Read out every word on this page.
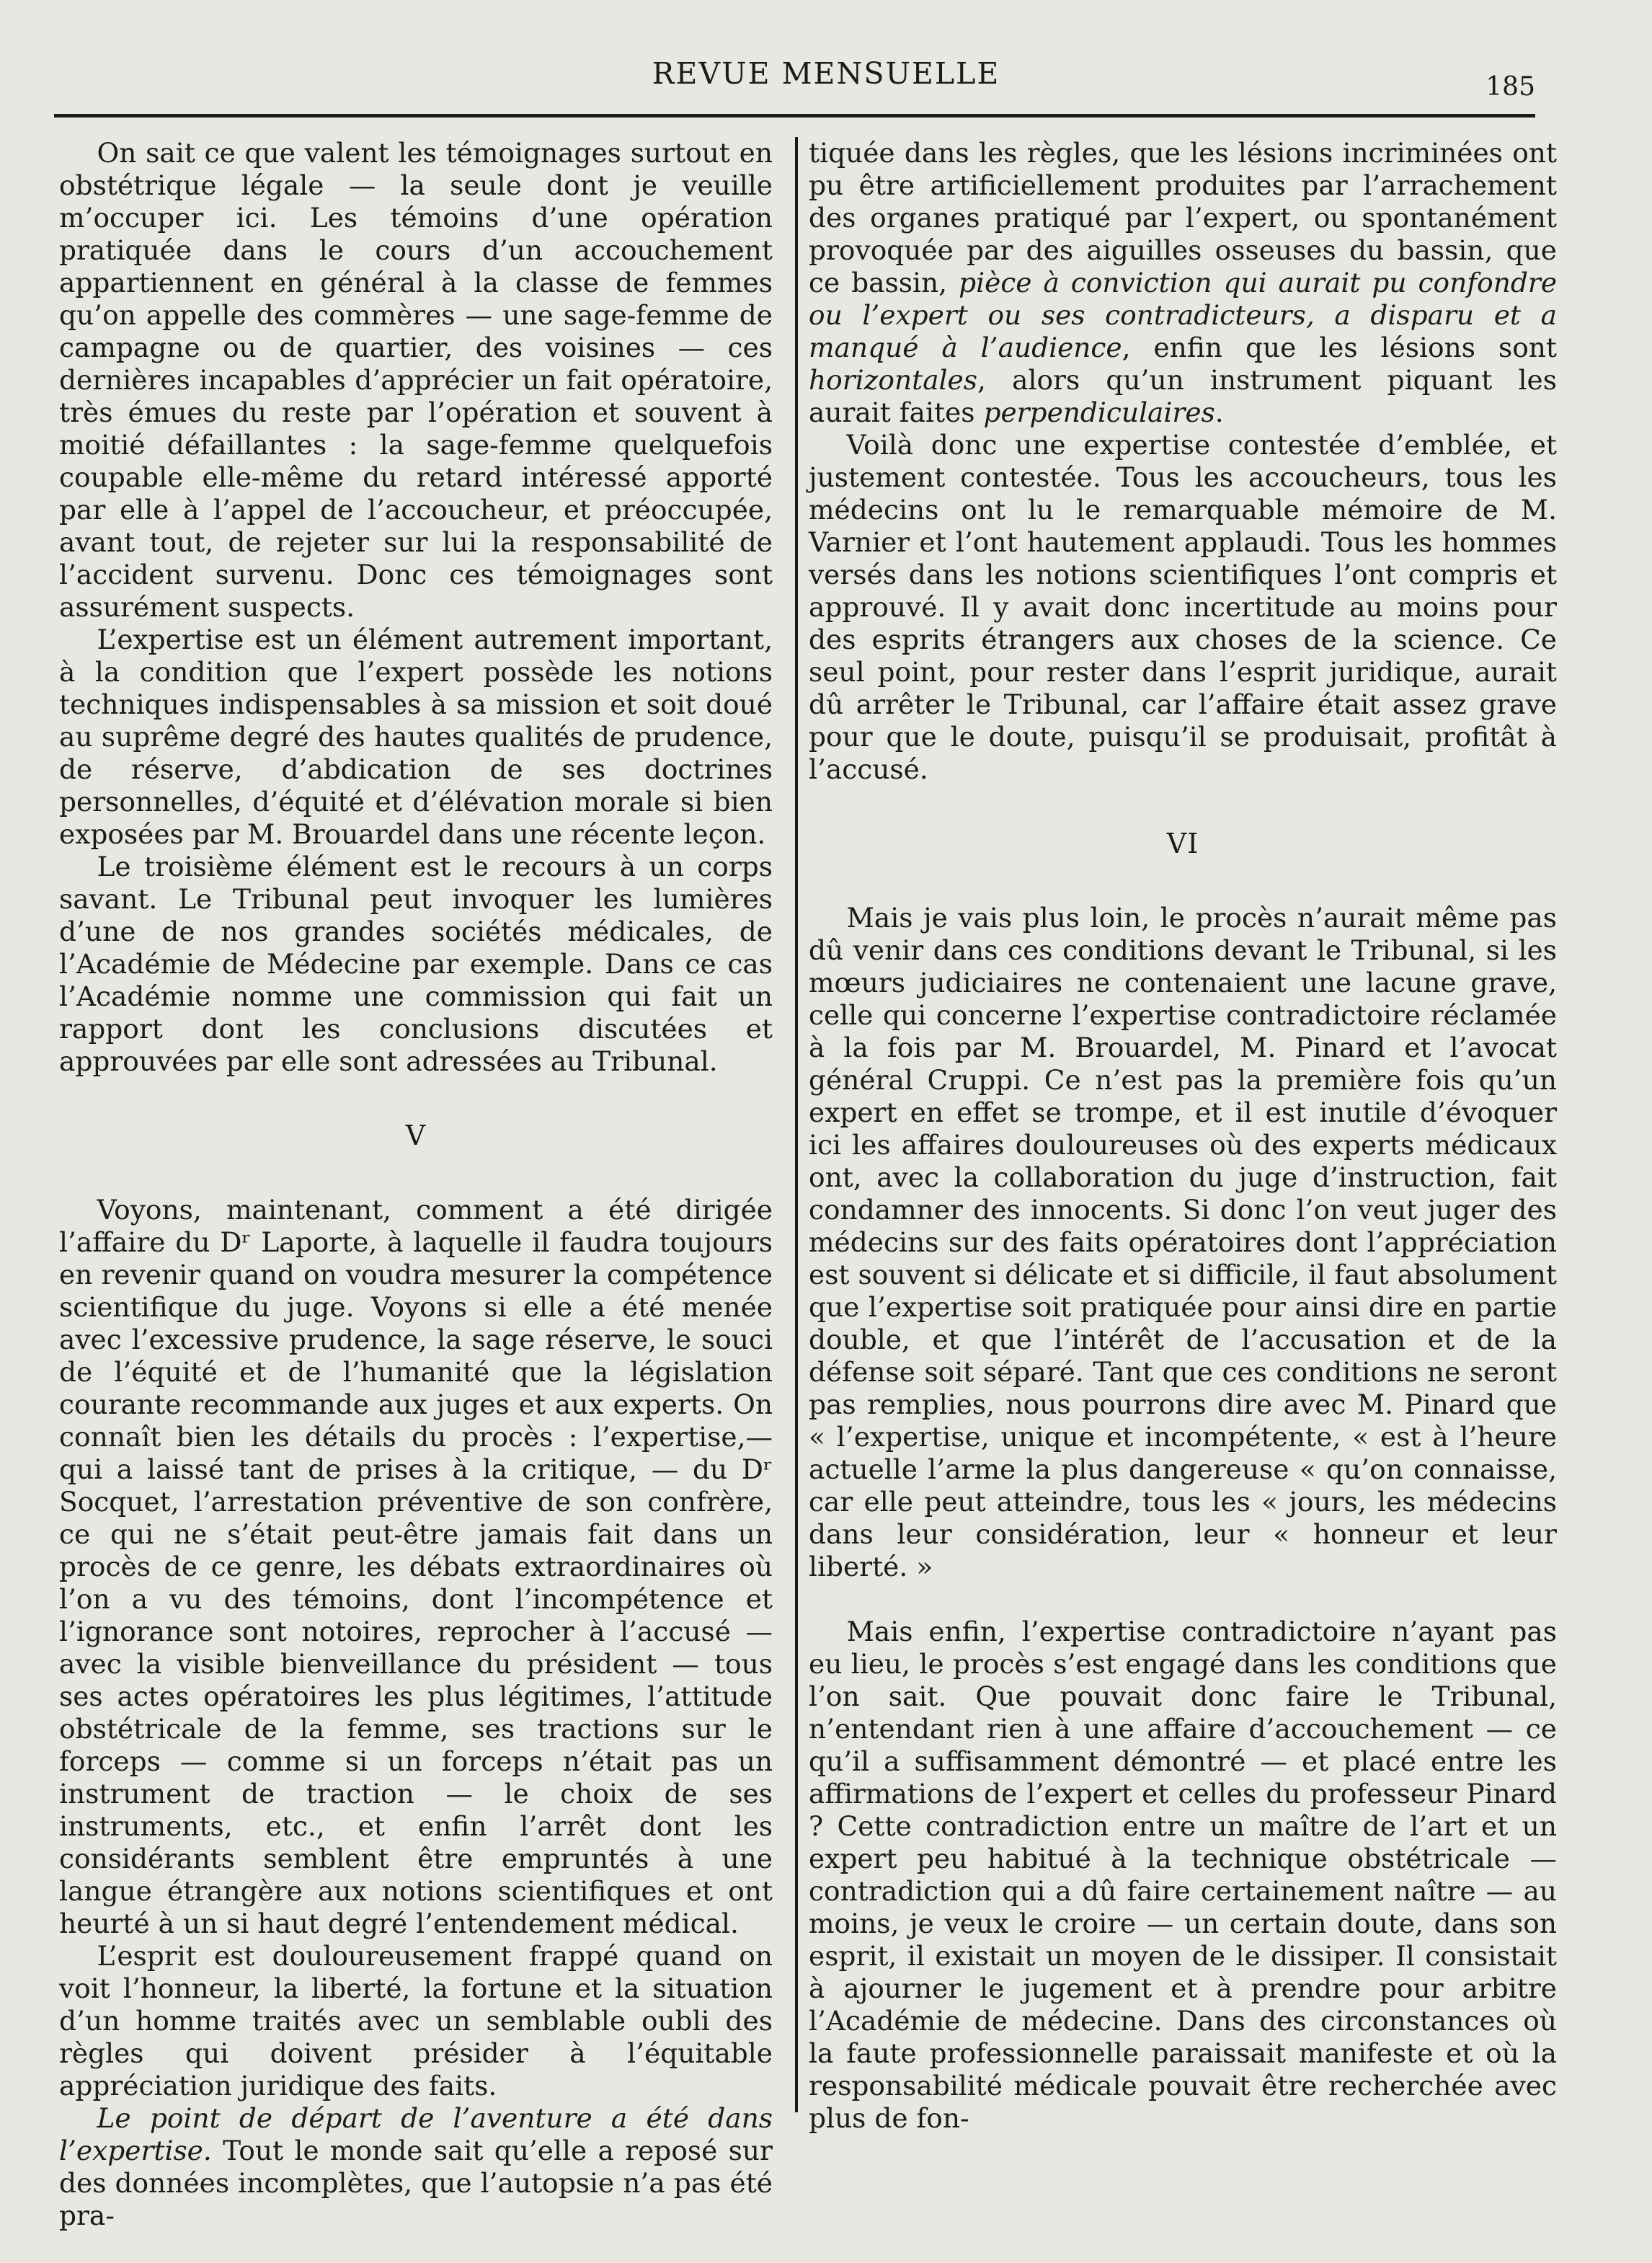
REVUE MENSUELLE	185

On sait ce que valent les témoignages surtout en obstétrique légale — la seule dont je veuille m’occuper ici. Les témoins d’une opération pratiquée dans le cours d’un accouchement appartiennent en général à la classe de femmes qu’on appelle des commères — une sage-femme de campagne ou de quartier, des voisines — ces dernières incapables d’apprécier un fait opératoire, très émues du reste par l’opération et souvent à moitié défaillantes : la sage-femme quelquefois coupable elle-même du retard intéressé apporté par elle à l’appel de l’accoucheur, et préoccupée, avant tout, de rejeter sur lui la responsabilité de l’accident survenu. Donc ces témoignages sont assurément suspects.

L’expertise est un élément autrement important, à la condition que l’expert possède les notions techniques indispensables à sa mission et soit doué au suprême degré des hautes qualités de prudence, de réserve, d’abdication de ses doctrines personnelles, d’équité et d’élévation morale si bien exposées par M. Brouardel dans une récente leçon.

Le troisième élément est le recours à un corps savant. Le Tribunal peut invoquer les lumières d’une de nos grandes sociétés médicales, de l’Académie de Médecine par exemple. Dans ce cas l’Académie nomme une commission qui fait un rapport dont les conclusions discutées et approuvées par elle sont adressées au Tribunal.

V

Voyons, maintenant, comment a été dirigée l’affaire du Dʳ Laporte, à laquelle il faudra toujours en revenir quand on voudra mesurer la compétence scientifique du juge. Voyons si elle a été menée avec l’excessive prudence, la sage réserve, le souci de l’équité et de l’humanité que la législation courante recommande aux juges et aux experts. On connaît bien les détails du procès : l’expertise,— qui a laissé tant de prises à la critique, — du Dʳ Socquet, l’arrestation préventive de son confrère, ce qui ne s’était peut-être jamais fait dans un procès de ce genre, les débats extraordinaires où l’on a vu des témoins, dont l’incompétence et l’ignorance sont notoires, reprocher à l’accusé — avec la visible bienveillance du président — tous ses actes opératoires les plus légitimes, l’attitude obstétricale de la femme, ses tractions sur le forceps — comme si un forceps n’était pas un instrument de traction — le choix de ses instruments, etc., et enfin l’arrêt dont les considérants semblent être empruntés à une langue étrangère aux notions scientifiques et ont heurté à un si haut degré l’entendement médical.

L’esprit est douloureusement frappé quand on voit l’honneur, la liberté, la fortune et la situation d’un homme traités avec un semblable oubli des règles qui doivent présider à l’équitable appréciation juridique des faits.

Le point de départ de l’aventure a été dans l’expertise. Tout le monde sait qu’elle a reposé sur des données incomplètes, que l’autopsie n’a pas été pra-

tiquée dans les règles, que les lésions incriminées ont pu être artificiellement produites par l’arrachement des organes pratiqué par l’expert, ou spontanément provoquée par des aiguilles osseuses du bassin, que ce bassin, pièce à conviction qui aurait pu confondre ou l’expert ou ses contradicteurs, a disparu et a manqué à l’audience, enfin que les lésions sont horizontales, alors qu’un instrument piquant les aurait faites perpendiculaires.

Voilà donc une expertise contestée d’emblée, et justement contestée. Tous les accoucheurs, tous les médecins ont lu le remarquable mémoire de M. Varnier et l’ont hautement applaudi. Tous les hommes versés dans les notions scientifiques l’ont compris et approuvé. Il y avait donc incertitude au moins pour des esprits étrangers aux choses de la science. Ce seul point, pour rester dans l’esprit juridique, aurait dû arrêter le Tribunal, car l’affaire était assez grave pour que le doute, puisqu’il se produisait, profitât à l’accusé.

VI

Mais je vais plus loin, le procès n’aurait même pas dû venir dans ces conditions devant le Tribunal, si les mœurs judiciaires ne contenaient une lacune grave, celle qui concerne l’expertise contradictoire réclamée à la fois par M. Brouardel, M. Pinard et l’avocat général Cruppi. Ce n’est pas la première fois qu’un expert en effet se trompe, et il est inutile d’évoquer ici les affaires douloureuses où des experts médicaux ont, avec la collaboration du juge d’instruction, fait condamner des innocents. Si donc l’on veut juger des médecins sur des faits opératoires dont l’appréciation est souvent si délicate et si difficile, il faut absolument que l’expertise soit pratiquée pour ainsi dire en partie double, et que l’intérêt de l’accusation et de la défense soit séparé. Tant que ces conditions ne seront pas remplies, nous pourrons dire avec M. Pinard que « l’expertise, unique et incompétente, « est à l’heure actuelle l’arme la plus dangereuse « qu’on connaisse, car elle peut atteindre, tous les « jours, les médecins dans leur considération, leur « honneur et leur liberté. »

Mais enfin, l’expertise contradictoire n’ayant pas eu lieu, le procès s’est engagé dans les conditions que l’on sait. Que pouvait donc faire le Tribunal, n’entendant rien à une affaire d’accouchement — ce qu’il a suffisamment démontré — et placé entre les affirmations de l’expert et celles du professeur Pinard ? Cette contradiction entre un maître de l’art et un expert peu habitué à la technique obstétricale — contradiction qui a dû faire certainement naître — au moins, je veux le croire — un certain doute, dans son esprit, il existait un moyen de le dissiper. Il consistait à ajourner le jugement et à prendre pour arbitre l’Académie de médecine. Dans des circonstances où la faute professionnelle paraissait manifeste et où la responsabilité médicale pouvait être recherchée avec plus de fon-
